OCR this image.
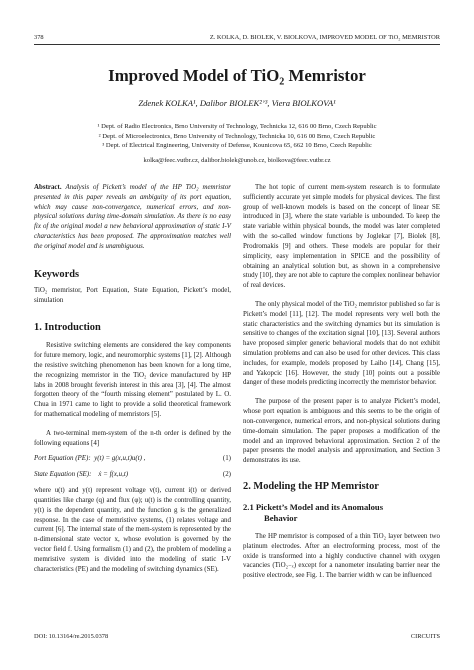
378	Z. KOLKA, D. BIOLEK, V. BIOLKOVA, IMPROVED MODEL OF TiO₂ MEMRISTOR
Improved Model of TiO₂ Memristor
Zdenek KOLKA¹, Dalibor BIOLEK²ʼ³, Viera BIOLKOVA¹
¹ Dept. of Radio Electronics, Brno University of Technology, Technicka 12, 616 00 Brno, Czech Republic
² Dept. of Microelectronics, Brno University of Technology, Technicka 10, 616 00 Brno, Czech Republic
³ Dept. of Electrical Engineering, University of Defense, Kounicova 65, 662 10 Brno, Czech Republic
kolka@feec.vutbr.cz, dalibor.biolek@unob.cz, biolkova@feec.vutbr.cz

Abstract. Analysis of Pickett’s model of the HP TiO₂ memristor presented in this paper reveals an ambiguity of its port equation, which may cause non-convergence, numerical errors, and non-physical solutions during time-domain simulation. As there is no easy fix of the original model a new behavioral approximation of static I-V characteristics has been proposed. The approximation matches well the original model and is unambiguous.

Keywords

TiO₂ memristor, Port Equation, State Equation, Pickett’s model, simulation

1. Introduction

Resistive switching elements are considered the key components for future memory, logic, and neuromorphic systems [1], [2]. Although the resistive switching phenomenon has been known for a long time, the recognizing memristor in the TiO₂ device manufactured by HP labs in 2008 brought feverish interest in this area [3], [4]. The almost forgotten theory of the “fourth missing element” postulated by L. O. Chua in 1971 came to light to provide a solid theoretical framework for mathematical modeling of memristors [5].

A two-terminal mem-system of the n-th order is defined by the following equations [4]

Port Equation (PE): y(t) = g(x,u,t)u(t) ,	(1)
State Equation (SE): ẋ = f(x,u,t)	(2)

where u(t) and y(t) represent voltage v(t), current i(t) or derived quantities like charge (q) and flux (φ); u(t) is the controlling quantity, y(t) is the dependent quantity, and the function g is the generalized response. In the case of memristive systems, (1) relates voltage and current [6]. The internal state of the mem-system is represented by the n-dimensional state vector x, whose evolution is governed by the vector field f. Using formalism (1) and (2), the problem of modeling a memristive system is divided into the modeling of static I-V characteristics (PE) and the modeling of switching dynamics (SE).

The hot topic of current mem-system research is to formulate sufficiently accurate yet simple models for physical devices. The first group of well-known models is based on the concept of linear SE introduced in [3], where the state variable is unbounded. To keep the state variable within physical bounds, the model was later completed with the so-called window functions by Joglekar [7], Biolek [8], Prodromakis [9] and others. These models are popular for their simplicity, easy implementation in SPICE and the possibility of obtaining an analytical solution but, as shown in a comprehensive study [10], they are not able to capture the complex nonlinear behavior of real devices.

The only physical model of the TiO₂ memristor published so far is Pickett’s model [11], [12]. The model represents very well both the static characteristics and the switching dynamics but its simulation is sensitive to changes of the excitation signal [10], [13]. Several authors have proposed simpler generic behavioral models that do not exhibit simulation problems and can also be used for other devices. This class includes, for example, models proposed by Laiho [14], Chang [15], and Yakopcic [16]. However, the study [10] points out a possible danger of these models predicting incorrectly the memristor behavior.

The purpose of the present paper is to analyze Pickett’s model, whose port equation is ambiguous and this seems to be the origin of non-convergence, numerical errors, and non-physical solutions during time-domain simulation. The paper proposes a modification of the model and an improved behavioral approximation. Section 2 of the paper presents the model analysis and approximation, and Section 3 demonstrates its use.

2. Modeling the HP Memristor
2.1 Pickett’s Model and its Anomalous
Behavior

The HP memristor is composed of a thin TiO₂ layer between two platinum electrodes. After an electroforming process, most of the oxide is transformed into a highly conductive channel with oxygen vacancies (TiO₂₋ₓ) except for a nanometer insulating barrier near the positive electrode, see Fig. 1. The barrier width w can be influenced

DOI: 10.13164/re.2015.0378	CIRCUITS
